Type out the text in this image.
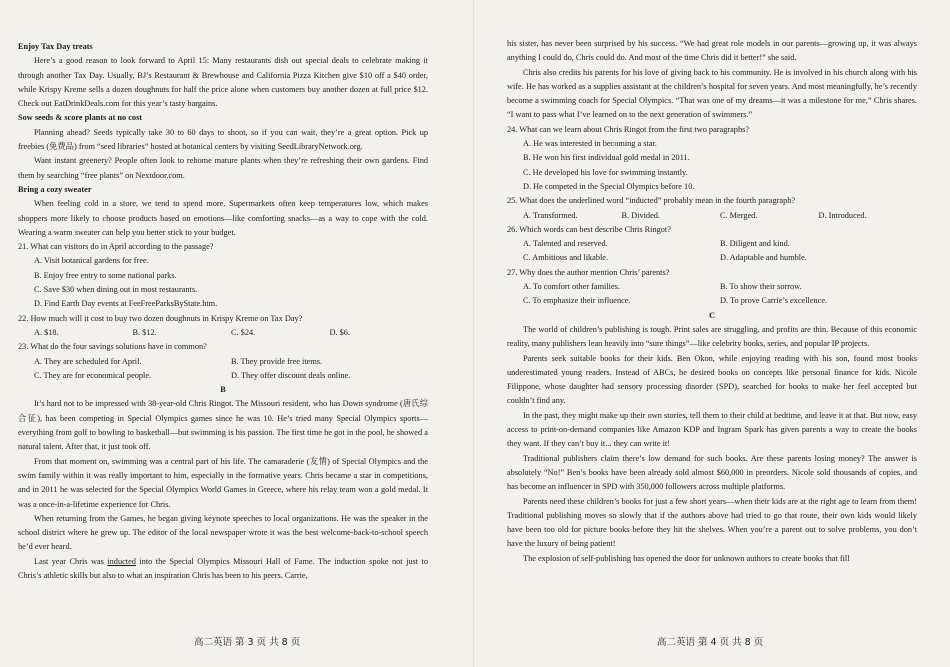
Enjoy Tax Day treats

Here’s a good reason to look forward to April 15: Many restaurants dish out special deals to celebrate making it through another Tax Day. Usually, BJ’s Restaurant & Brewhouse and California Pizza Kitchen give $10 off a $40 order, while Krispy Kreme sells a dozen doughnuts for half the price alone when customers buy another dozen at full price $12. Check out EatDrinkDeals.com for this year’s tasty bargains.

Sow seeds & score plants at no cost

Planning ahead? Seeds typically take 30 to 60 days to shoot, so if you can wait, they’re a great option. Pick up freebies (免费品) from “seed libraries” hosted at botanical centers by visiting SeedLibraryNetwork.org.

Want instant greenery? People often look to rehome mature plants when they’re refreshing their own gardens. Find them by searching “free plants” on Nextdoor.com.

Bring a cozy sweater

When feeling cold in a store, we tend to spend more. Supermarkets often keep temperatures low, which makes shoppers more likely to choose products based on emotions—like comforting snacks—as a way to cope with the cold. Wearing a warm sweater can help you better stick to your budget.

21. What can visitors do in April according to the passage?

A. Visit botanical gardens for free.
B. Enjoy free entry to some national parks.
C. Save $30 when dining out in most restaurants.
D. Find Earth Day events at FeeFreeParksByState.htm.

22. How much will it cost to buy two dozen doughnuts in Krispy Kreme on Tax Day?

A. $18.	B. $12.	C. $24.	D. $6.

23. What do the four savings solutions have in common?

A. They are scheduled for April.	B. They provide free items.
C. They are for economical people.	D. They offer discount deals online.

B

It’s hard not to be impressed with 38-year-old Chris Ringot. The Missouri resident, who has Down syndrome (唐氏综合征), has been competing in Special Olympics games since he was 10. He’s tried many Special Olympics sports—everything from golf to bowling to basketball—but swimming is his passion. The first time he got in the pool, he showed a natural talent. After that, it just took off.

From that moment on, swimming was a central part of his life. The camaraderie (友情) of Special Olympics and the swim family within it was really important to him, especially in the formative years. Chris became a star in competitions, and in 2011 he was selected for the Special Olympics World Games in Greece, where his relay team won a gold medal. It was a once-in-a-lifetime experience for Chris.

When returning from the Games, he began giving keynote speeches to local organizations. He was the speaker in the school district where he grew up. The editor of the local newspaper wrote it was the best welcome-back-to-school speech he’d ever heard.

Last year Chris was inducted into the Special Olympics Missouri Hall of Fame. The induction spoke not just to Chris’s athletic skills but also to what an inspiration Chris has been to his peers. Carrie,

高二英语 第 3 页 共 8 页

his sister, has never been surprised by his success. “We had great role models in our parents—growing up, it was always anything I could do, Chris could do. And most of the time Chris did it better!” she said.

Chris also credits his parents for his love of giving back to his community. He is involved in his church along with his wife. He has worked as a supplies assistant at the children’s hospital for seven years. And most meaningfully, he’s recently become a swimming coach for Special Olympics. “That was one of my dreams—it was a milestone for me,” Chris shares. “I want to pass what I’ve learned on to the next generation of swimmers.”

24. What can we learn about Chris Ringot from the first two paragraphs?

A. He was interested in becoming a star.
B. He won his first individual gold medal in 2011.
C. He developed his love for swimming instantly.
D. He competed in the Special Olympics before 10.

25. What does the underlined word “inducted” probably mean in the fourth paragraph?

A. Transformed.	B. Divided.	C. Merged.	D. Introduced.

26. Which words can best describe Chris Ringot?

A. Talented and reserved.	B. Diligent and kind.
C. Ambitious and likable.	D. Adaptable and humble.

27. Why does the author mention Chris’ parents?

A. To comfort other families.	B. To show their sorrow.
C. To emphasize their influence.	D. To prove Carrie’s excellence.

C

The world of children’s publishing is tough. Print sales are struggling, and profits are thin. Because of this economic reality, many publishers lean heavily into “sure things”—like celebrity books, series, and popular IP projects.

Parents seek suitable books for their kids. Ben Okon, while enjoying reading with his son, found most books underestimated young readers. Instead of ABCs, he desired books on concepts like personal finance for kids. Nicole Filippone, whose daughter had sensory processing disorder (SPD), searched for books to make her feel accepted but couldn’t find any.

In the past, they might make up their own stories, tell them to their child at bedtime, and leave it at that. But now, easy access to print-on-demand companies like Amazon KDP and Ingram Spark has given parents a way to create the books they want. If they can’t buy it... they can write it!

Traditional publishers claim there’s low demand for such books. Are these parents losing money? The answer is absolutely “No!” Ben’s books have been already sold almost $60,000 in preorders. Nicole sold thousands of copies, and has become an influencer in SPD with 350,000 followers across multiple platforms.

Parents need these children’s books for just a few short years—when their kids are at the right age to learn from them! Traditional publishing moves so slowly that if the authors above had tried to go that route, their own kids would likely have been too old for picture books before they hit the shelves. When you’re a parent out to solve problems, you don’t have the luxury of being patient!

The explosion of self-publishing has opened the door for unknown authors to create books that fill

高二英语 第 4 页 共 8 页
